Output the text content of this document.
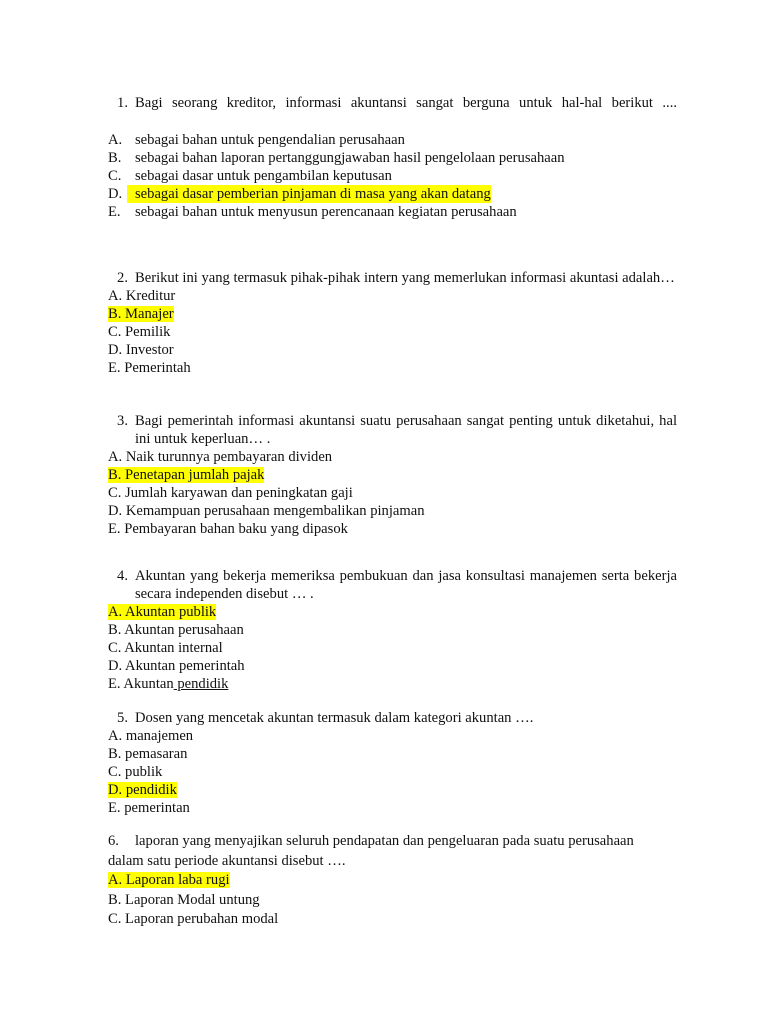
1. Bagi seorang kreditor, informasi akuntansi sangat berguna untuk hal-hal berikut ....
A. sebagai bahan untuk pengendalian perusahaan
B. sebagai bahan laporan pertanggungjawaban hasil pengelolaan perusahaan
C. sebagai dasar untuk pengambilan keputusan
D. sebagai dasar pemberian pinjaman di masa yang akan datang
E. sebagai bahan untuk menyusun perencanaan kegiatan perusahaan
2. Berikut ini yang termasuk pihak-pihak intern yang memerlukan informasi akuntasi adalah…
A. Kreditur
B. Manajer
C. Pemilik
D. Investor
E. Pemerintah
3. Bagi pemerintah informasi akuntansi suatu perusahaan sangat penting untuk diketahui, hal ini untuk keperluan… .
A. Naik turunnya pembayaran dividen
B. Penetapan jumlah pajak
C. Jumlah karyawan dan peningkatan gaji
D. Kemampuan perusahaan mengembalikan pinjaman
E. Pembayaran bahan baku yang dipasok
4. Akuntan yang bekerja memeriksa pembukuan dan jasa konsultasi manajemen serta bekerja secara independen disebut … .
A. Akuntan publik
B. Akuntan perusahaan
C. Akuntan internal
D. Akuntan pemerintah
E. Akuntan pendidik
5. Dosen yang mencetak akuntan termasuk dalam kategori akuntan ….
A. manajemen
B. pemasaran
C. publik
D. pendidik
E. pemerintan
6. laporan yang menyajikan seluruh pendapatan dan pengeluaran pada suatu perusahaan
dalam satu periode akuntansi disebut ….
A. Laporan laba rugi
B. Laporan Modal untung
C. Laporan perubahan modal
